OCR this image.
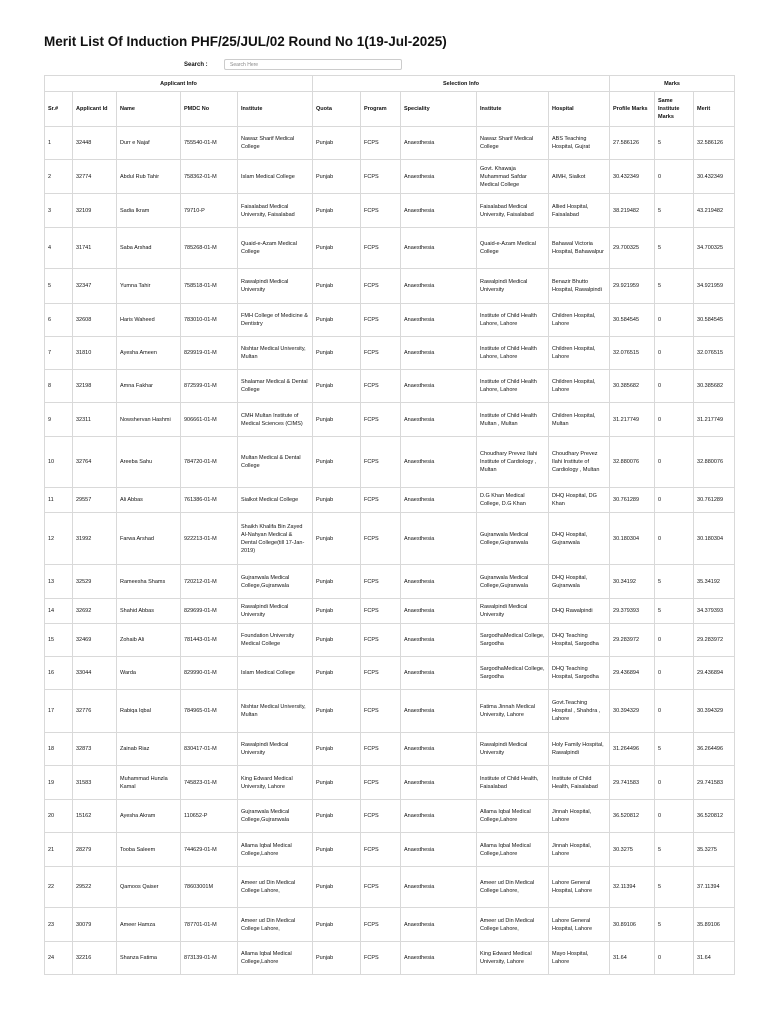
Merit List Of Induction PHF/25/JUL/02 Round No 1(19-Jul-2025)
Search :
Search Here
Applicant Info					Selection Info					Marks		
Sr.#	Applicant Id	Name	PMDC No	Institute	Quota	Program	Speciality	Institute	Hospital	Profile Marks	Same Institute Marks	Merit
1	32448	Durr e Najaf	755540-01-M	Nawaz Sharif Medical College	Punjab	FCPS	Anaesthesia	Nawaz Sharif Medical College	ABS Teaching Hospital, Gujrat	27.586126	5	32.586126
2	32774	Abdul Rub Tahir	758362-01-M	Islam Medical College	Punjab	FCPS	Anaesthesia	Govt. Khawaja Muhammad Safdar Medical College	AIMH, Sialkot	30.432349	0	30.432349
3	32109	Sadia Ikram	79710-P	Faisalabad Medical University, Faisalabad	Punjab	FCPS	Anaesthesia	Faisalabad Medical University, Faisalabad	Allied Hospital, Faisalabad	38.219482	5	43.219482
4	31741	Saba Arshad	785268-01-M	Quaid-e-Azam Medical College	Punjab	FCPS	Anaesthesia	Quaid-e-Azam Medical College	Bahawal Victoria Hospital, Bahawalpur	29.700325	5	34.700325
5	32347	Yumna Tahir	758518-01-M	Rawalpindi Medical University	Punjab	FCPS	Anaesthesia	Rawalpindi Medical University	Benazir Bhutto Hospital, Rawalpindi	29.921959	5	34.921959
6	32608	Haris Waheed	783010-01-M	FMH College of Medicine & Dentistry	Punjab	FCPS	Anaesthesia	Institute of Child Health Lahore, Lahore	Children Hospital, Lahore	30.584545	0	30.584545
7	31810	Ayesha Ameen	829919-01-M	Nishtar Medical University, Multan	Punjab	FCPS	Anaesthesia	Institute of Child Health Lahore, Lahore	Children Hospital, Lahore	32.076515	0	32.076515
8	32198	Amna Fakhar	872599-01-M	Shalamar Medical & Dental College	Punjab	FCPS	Anaesthesia	Institute of Child Health Lahore, Lahore	Children Hospital, Lahore	30.385682	0	30.385682
9	32311	Nowshervan Hashmi	906661-01-M	CMH Multan Institute of Medical Sciences (CIMS)	Punjab	FCPS	Anaesthesia	Institute of Child Health Multan , Multan	Children Hospital, Multan	31.217749	0	31.217749
10	32764	Areeba Sahu	784720-01-M	Multan Medical & Dental College	Punjab	FCPS	Anaesthesia	Choudhary Prevez Ilahi Institute of Cardiology , Multan	Choudhary Prevez Ilahi Institute of Cardiology , Multan	32.880076	0	32.880076
11	29557	Ali Abbas	761386-01-M	Sialkot Medical College	Punjab	FCPS	Anaesthesia	D.G Khan Medical College, D.G Khan	DHQ Hospital, DG Khan	30.761289	0	30.761289
12	31992	Farwa Arshad	922213-01-M	Shaikh Khalifa Bin Zayed Al-Nahyan Medical & Dental College(till 17-Jan-2019)	Punjab	FCPS	Anaesthesia	Gujranwala Medical College,Gujranwala	DHQ Hospital, Gujranwala	30.180304	0	30.180304
13	32529	Rameesha Shams	720212-01-M	Gujranwala Medical College,Gujranwala	Punjab	FCPS	Anaesthesia	Gujranwala Medical College,Gujranwala	DHQ Hospital, Gujranwala	30.34192	5	35.34192
14	32692	Shahid Abbas	829699-01-M	Rawalpindi Medical University	Punjab	FCPS	Anaesthesia	Rawalpindi Medical University	DHQ Rawalpindi	29.379393	5	34.379393
15	32469	Zohaib Ali	781443-01-M	Foundation University Medical College	Punjab	FCPS	Anaesthesia	SargodhaMedical College, Sargodha	DHQ Teaching Hospital, Sargodha	29.283972	0	29.283972
16	33044	Warda	829990-01-M	Islam Medical College	Punjab	FCPS	Anaesthesia	SargodhaMedical College, Sargodha	DHQ Teaching Hospital, Sargodha	29.436894	0	29.436894
17	32776	Rabiqa Iqbal	784965-01-M	Nishtar Medical University, Multan	Punjab	FCPS	Anaesthesia	Fatima Jinnah Medical University, Lahore	Govt.Teaching Hospital , Shahdra , Lahore	30.394329	0	30.394329
18	32873	Zainab Riaz	830417-01-M	Rawalpindi Medical University	Punjab	FCPS	Anaesthesia	Rawalpindi Medical University	Holy Family Hospital, Rawalpindi	31.264496	5	36.264496
19	31583	Muhammad Hunzla Kamal	745823-01-M	King Edward Medical University, Lahore	Punjab	FCPS	Anaesthesia	Institute of Child Health, Faisalabad	Institute of Child Health, Faisalabad	29.741583	0	29.741583
20	15162	Ayesha Akram	110652-P	Gujranwala Medical College,Gujranwala	Punjab	FCPS	Anaesthesia	Allama Iqbal Medical College,Lahore	Jinnah Hospital, Lahore	36.520812	0	36.520812
21	28279	Tooba Saleem	744629-01-M	Allama Iqbal Medical College,Lahore	Punjab	FCPS	Anaesthesia	Allama Iqbal Medical College,Lahore	Jinnah Hospital, Lahore	30.3275	5	35.3275
22	29522	Qamoos Qaiser	78603001M	Ameer ud Din Medical College Lahore,	Punjab	FCPS	Anaesthesia	Ameer ud Din Medical College Lahore,	Lahore General Hospital, Lahore	32.11394	5	37.11394
23	30079	Ameer Hamza	787701-01-M	Ameer ud Din Medical College Lahore,	Punjab	FCPS	Anaesthesia	Ameer ud Din Medical College Lahore,	Lahore General Hospital, Lahore	30.89106	5	35.89106
24	32216	Shanza Fatima	873139-01-M	Allama Iqbal Medical College,Lahore	Punjab	FCPS	Anaesthesia	King Edward Medical University, Lahore	Mayo Hospital, Lahore	31.64	0	31.64
